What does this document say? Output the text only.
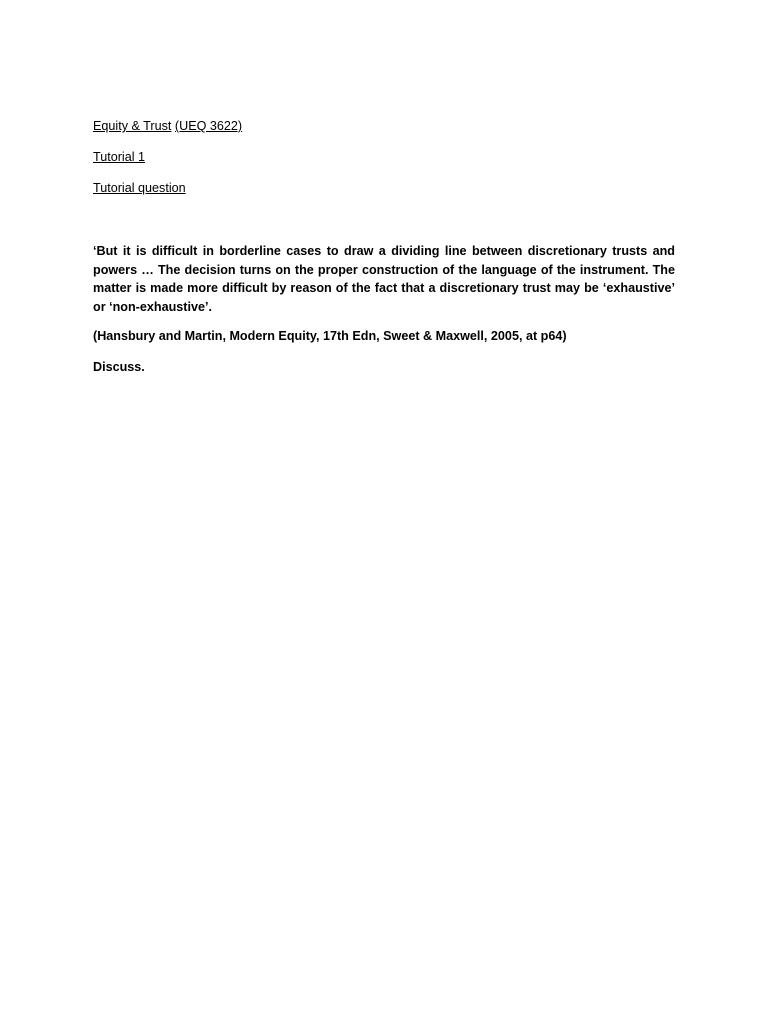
Equity & Trust (UEQ 3622)

Tutorial 1

Tutorial question

‘But it is difficult in borderline cases to draw a dividing line between discretionary trusts and powers … The decision turns on the proper construction of the language of the instrument. The matter is made more difficult by reason of the fact that a discretionary trust may be ‘exhaustive’ or ‘non-exhaustive’.

(Hansbury and Martin, Modern Equity, 17th Edn, Sweet & Maxwell, 2005, at p64)

Discuss.
